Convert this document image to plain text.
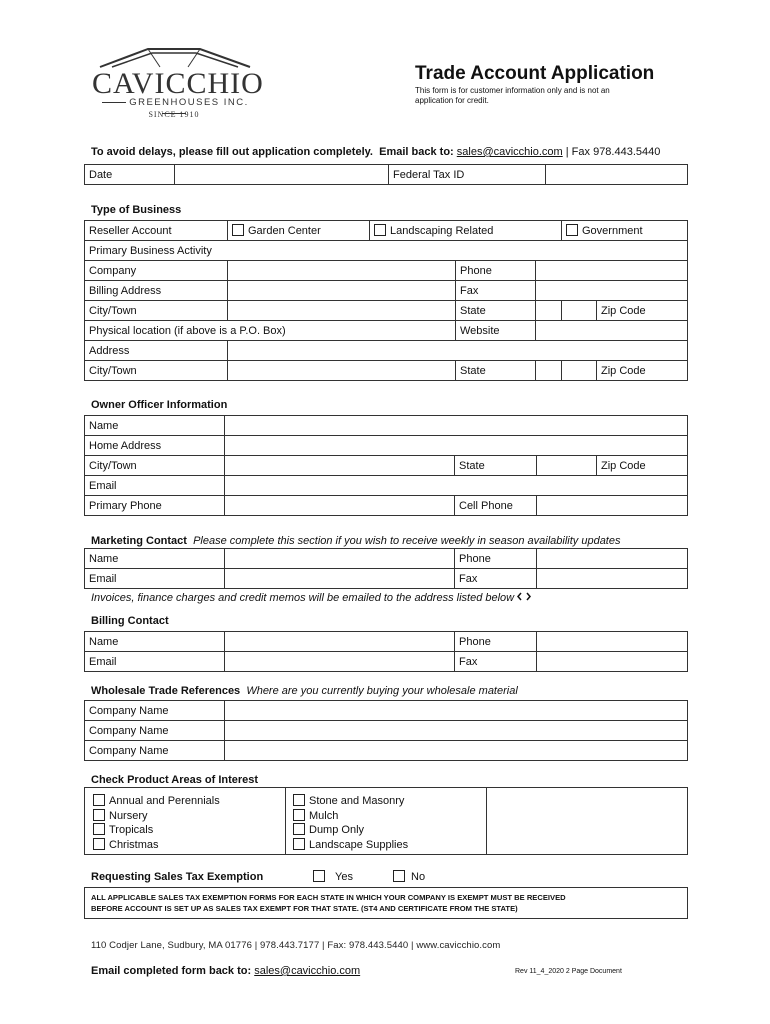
CAVICCHIO
GREENHOUSES INC.
SINCE 1910
Trade Account Application
This form is for customer information only and is not an application for credit.
To avoid delays, please fill out application completely. Email back to: sales@cavicchio.com | Fax 978.443.5440
Date		Federal Tax ID	
Type of Business
Reseller Account	Garden Center	Landscaping Related			Government	
Primary Business Activity						
Company			Phone			
Billing Address			Fax			
City/Town			State			Zip Code
Physical location (if above is a P.O. Box)			Website			
Address						
City/Town			State			Zip Code
Owner Officer Information
Name				
Home Address				
City/Town		State		Zip Code
Email				
Primary Phone		Cell Phone		
Marketing Contact Please complete this section if you wish to receive weekly in season availability updates
Name		Phone	
Email		Fax	
Invoices, finance charges and credit memos will be emailed to the address listed below
Billing Contact
Name		Phone	
Email		Fax	
Wholesale Trade References Where are you currently buying your wholesale material
Company Name	
Company Name	
Company Name	
Check Product Areas of Interest
Annual and Perennials
Nursery
Tropicals
Christmas
Stone and Masonry
Mulch
Dump Only
Landscape Supplies
Requesting Sales Tax Exemption	Yes	No
ALL APPLICABLE SALES TAX EXEMPTION FORMS FOR EACH STATE IN WHICH YOUR COMPANY IS EXEMPT MUST BE RECEIVED
BEFORE ACCOUNT IS SET UP AS SALES TAX EXEMPT FOR THAT STATE. (ST4 AND CERTIFICATE FROM THE STATE)
110 Codjer Lane, Sudbury, MA 01776 | 978.443.7177 | Fax: 978.443.5440 | www.cavicchio.com
Email completed form back to: sales@cavicchio.com	Rev 11_4_2020 2 Page Document
